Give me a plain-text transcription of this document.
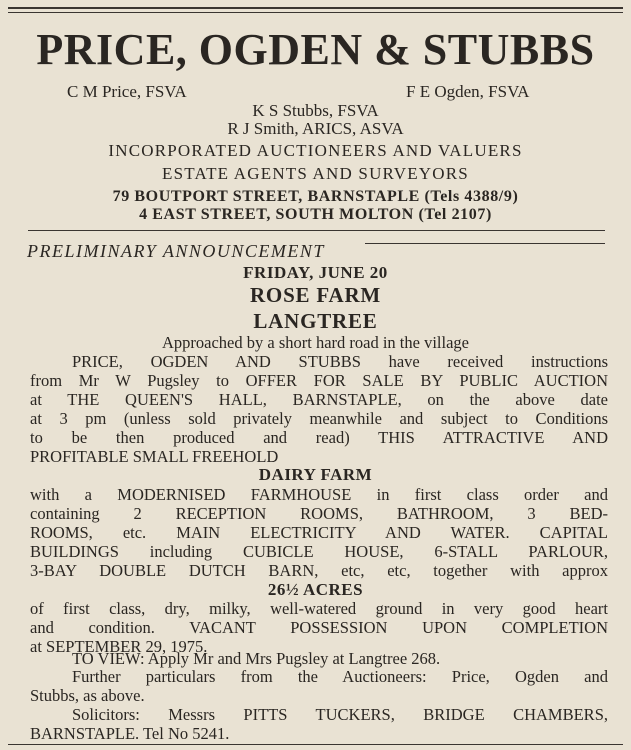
PRICE, OGDEN & STUBBS
C M Price, FSVA	F E Ogden, FSVA
K S Stubbs, FSVA
R J Smith, ARICS, ASVA
INCORPORATED AUCTIONEERS AND VALUERS
ESTATE AGENTS AND SURVEYORS
79 BOUTPORT STREET, BARNSTAPLE (Tels 4388/9)
4 EAST STREET, SOUTH MOLTON (Tel 2107)
PRELIMINARY ANNOUNCEMENT
FRIDAY, JUNE 20
ROSE FARM
LANGTREE
Approached by a short hard road in the village
PRICE, OGDEN AND STUBBS have received instructions
from Mr W Pugsley to OFFER FOR SALE BY PUBLIC AUCTION
at THE QUEEN'S HALL, BARNSTAPLE, on the above date
at 3 pm (unless sold privately meanwhile and subject to Conditions
to be then produced and read) THIS ATTRACTIVE AND
PROFITABLE SMALL FREEHOLD
DAIRY FARM
with a MODERNISED FARMHOUSE in first class order and
containing 2 RECEPTION ROOMS, BATHROOM, 3 BED-
ROOMS, etc. MAIN ELECTRICITY AND WATER. CAPITAL
BUILDINGS including CUBICLE HOUSE, 6-STALL PARLOUR,
3-BAY DOUBLE DUTCH BARN, etc, etc, together with approx
26½ ACRES
of first class, dry, milky, well-watered ground in very good heart
and condition. VACANT POSSESSION UPON COMPLETION
at SEPTEMBER 29, 1975.
TO VIEW: Apply Mr and Mrs Pugsley at Langtree 268.
Further particulars from the Auctioneers: Price, Ogden and
Stubbs, as above.
Solicitors: Messrs PITTS TUCKERS, BRIDGE CHAMBERS,
BARNSTAPLE. Tel No 5241.
